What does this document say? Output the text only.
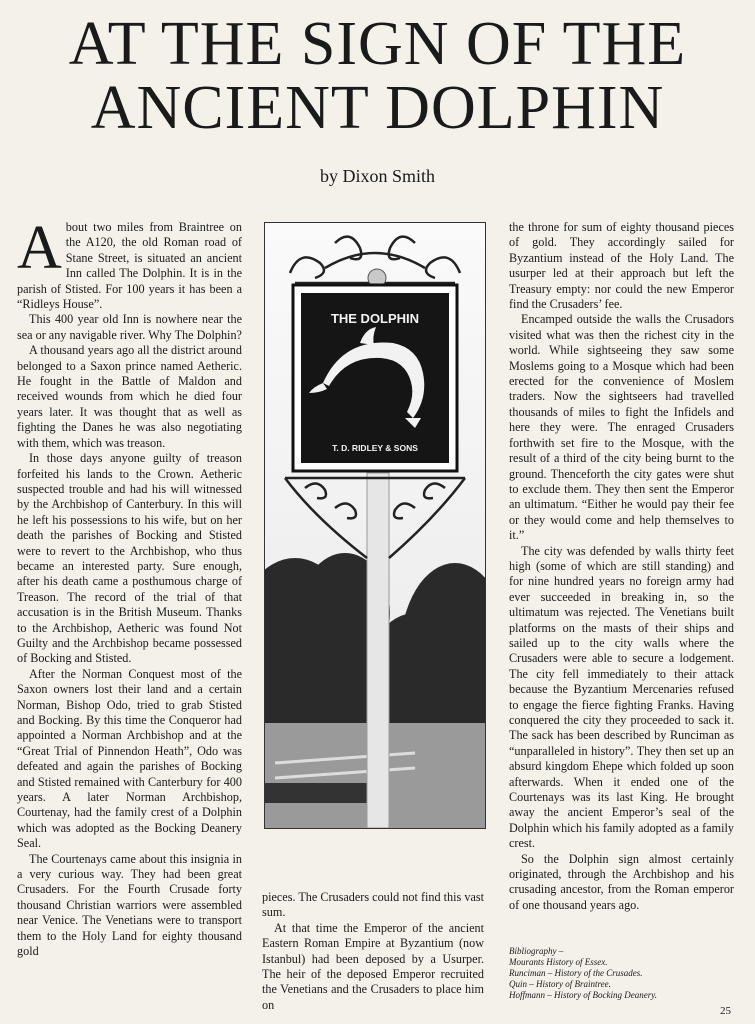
AT THE SIGN OF THE
ANCIENT DOLPHIN
by Dixon Smith

About two miles from Braintree on the A120, the old Roman road of Stane Street, is situated an ancient Inn called The Dolphin. It is in the parish of Stisted. For 100 years it has been a “Ridleys House”.

This 400 year old Inn is nowhere near the sea or any navigable river. Why The Dolphin?

A thousand years ago all the district around belonged to a Saxon prince named Aetheric. He fought in the Battle of Maldon and received wounds from which he died four years later. It was thought that as well as fighting the Danes he was also negotiating with them, which was treason.

In those days anyone guilty of treason forfeited his lands to the Crown. Aetheric suspected trouble and had his will witnessed by the Archbishop of Canterbury. In this will he left his possessions to his wife, but on her death the parishes of Bocking and Stisted were to revert to the Archbishop, who thus became an interested party. Sure enough, after his death came a posthumous charge of Treason. The record of the trial of that accusation is in the British Museum. Thanks to the Archbishop, Aetheric was found Not Guilty and the Archbishop became possessed of Bocking and Stisted.

After the Norman Conquest most of the Saxon owners lost their land and a certain Norman, Bishop Odo, tried to grab Stisted and Bocking. By this time the Conqueror had appointed a Norman Archbishop and at the “Great Trial of Pinnendon Heath”, Odo was defeated and again the parishes of Bocking and Stisted remained with Canterbury for 400 years. A later Norman Archbishop, Courtenay, had the family crest of a Dolphin which was adopted as the Bocking Deanery Seal.

The Courtenays came about this insignia in a very curious way. They had been great Crusaders. For the Fourth Crusade forty thousand Christian warriors were assembled near Venice. The Venetians were to transport them to the Holy Land for eighty thousand gold

THE DOLPHIN
T. D. RIDLEY & SONS

pieces. The Crusaders could not find this vast sum.

At that time the Emperor of the ancient Eastern Roman Empire at Byzantium (now Istanbul) had been deposed by a Usurper. The heir of the deposed Emperor recruited the Venetians and the Crusaders to place him on

the throne for sum of eighty thousand pieces of gold. They accordingly sailed for Byzantium instead of the Holy Land. The usurper led at their approach but left the Treasury empty: nor could the new Emperor find the Crusaders’ fee.

Encamped outside the walls the Crusadors visited what was then the richest city in the world. While sightseeing they saw some Moslems going to a Mosque which had been erected for the convenience of Moslem traders. Now the sightseers had travelled thousands of miles to fight the Infidels and here they were. The enraged Crusaders forthwith set fire to the Mosque, with the result of a third of the city being burnt to the ground. Thenceforth the city gates were shut to exclude them. They then sent the Emperor an ultimatum. “Either he would pay their fee or they would come and help themselves to it.”

The city was defended by walls thirty feet high (some of which are still standing) and for nine hundred years no foreign army had ever succeeded in breaking in, so the ultimatum was rejected. The Venetians built platforms on the masts of their ships and sailed up to the city walls where the Crusaders were able to secure a lodgement. The city fell immediately to their attack because the Byzantium Mercenaries refused to engage the fierce fighting Franks. Having conquered the city they proceeded to sack it. The sack has been described by Runciman as “unparalleled in history”. They then set up an absurd kingdom Ehepe which folded up soon afterwards. When it ended one of the Courtenays was its last King. He brought away the ancient Emperor’s seal of the Dolphin which his family adopted as a family crest.

So the Dolphin sign almost certainly originated, through the Archbishop and his crusading ancestor, from the Roman emperor of one thousand years ago.

Bibliography –
Mourants History of Essex.
Runciman – History of the Crusades.
Quin – History of Braintree.
Hoffmann – History of Bocking Deanery.
25
